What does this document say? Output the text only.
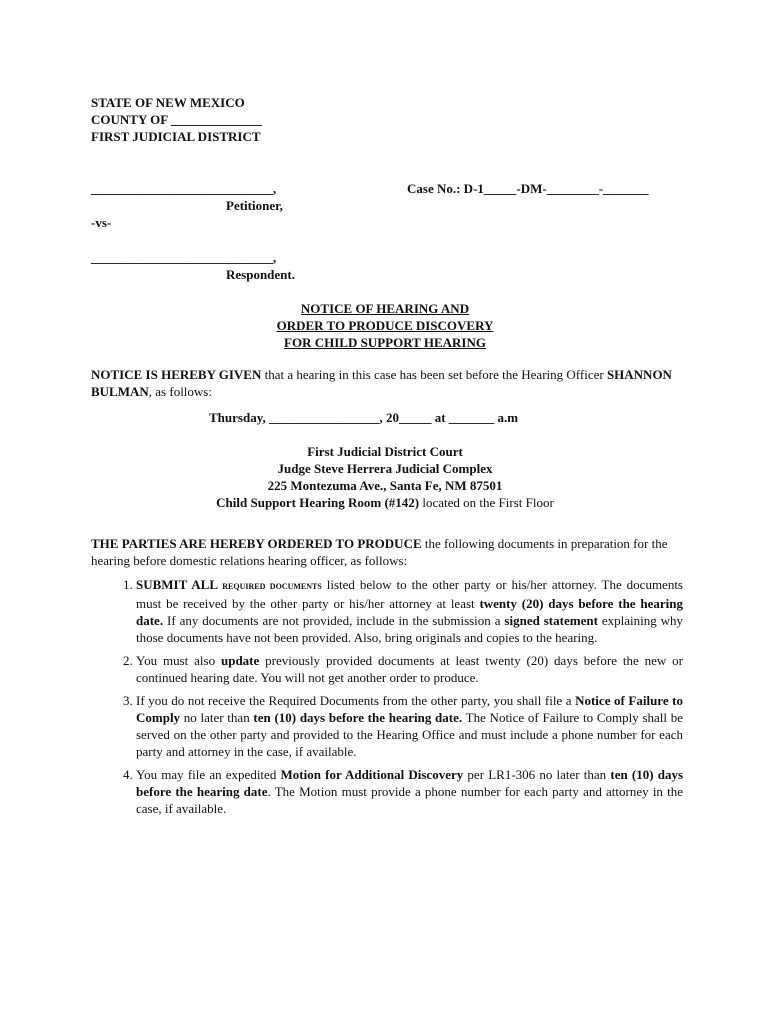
STATE OF NEW MEXICO
COUNTY OF ______________
FIRST JUDICIAL DISTRICT
____________________________,
Petitioner,
Case No.: D-1_____-DM-________-_______
-vs-
____________________________,
Respondent.
NOTICE OF HEARING AND
ORDER TO PRODUCE DISCOVERY
FOR CHILD SUPPORT HEARING
NOTICE IS HEREBY GIVEN that a hearing in this case has been set before the Hearing Officer SHANNON BULMAN, as follows:
Thursday, _________________, 20_____ at _______ a.m
First Judicial District Court
Judge Steve Herrera Judicial Complex
225 Montezuma Ave., Santa Fe, NM 87501
Child Support Hearing Room (#142) located on the First Floor
THE PARTIES ARE HEREBY ORDERED TO PRODUCE the following documents in preparation for the hearing before domestic relations hearing officer, as follows:
1. SUBMIT ALL required documents listed below to the other party or his/her attorney. The documents must be received by the other party or his/her attorney at least twenty (20) days before the hearing date. If any documents are not provided, include in the submission a signed statement explaining why those documents have not been provided. Also, bring originals and copies to the hearing.
2. You must also update previously provided documents at least twenty (20) days before the new or continued hearing date. You will not get another order to produce.
3. If you do not receive the Required Documents from the other party, you shall file a Notice of Failure to Comply no later than ten (10) days before the hearing date. The Notice of Failure to Comply shall be served on the other party and provided to the Hearing Office and must include a phone number for each party and attorney in the case, if available.
4. You may file an expedited Motion for Additional Discovery per LR1-306 no later than ten (10) days before the hearing date. The Motion must provide a phone number for each party and attorney in the case, if available.
